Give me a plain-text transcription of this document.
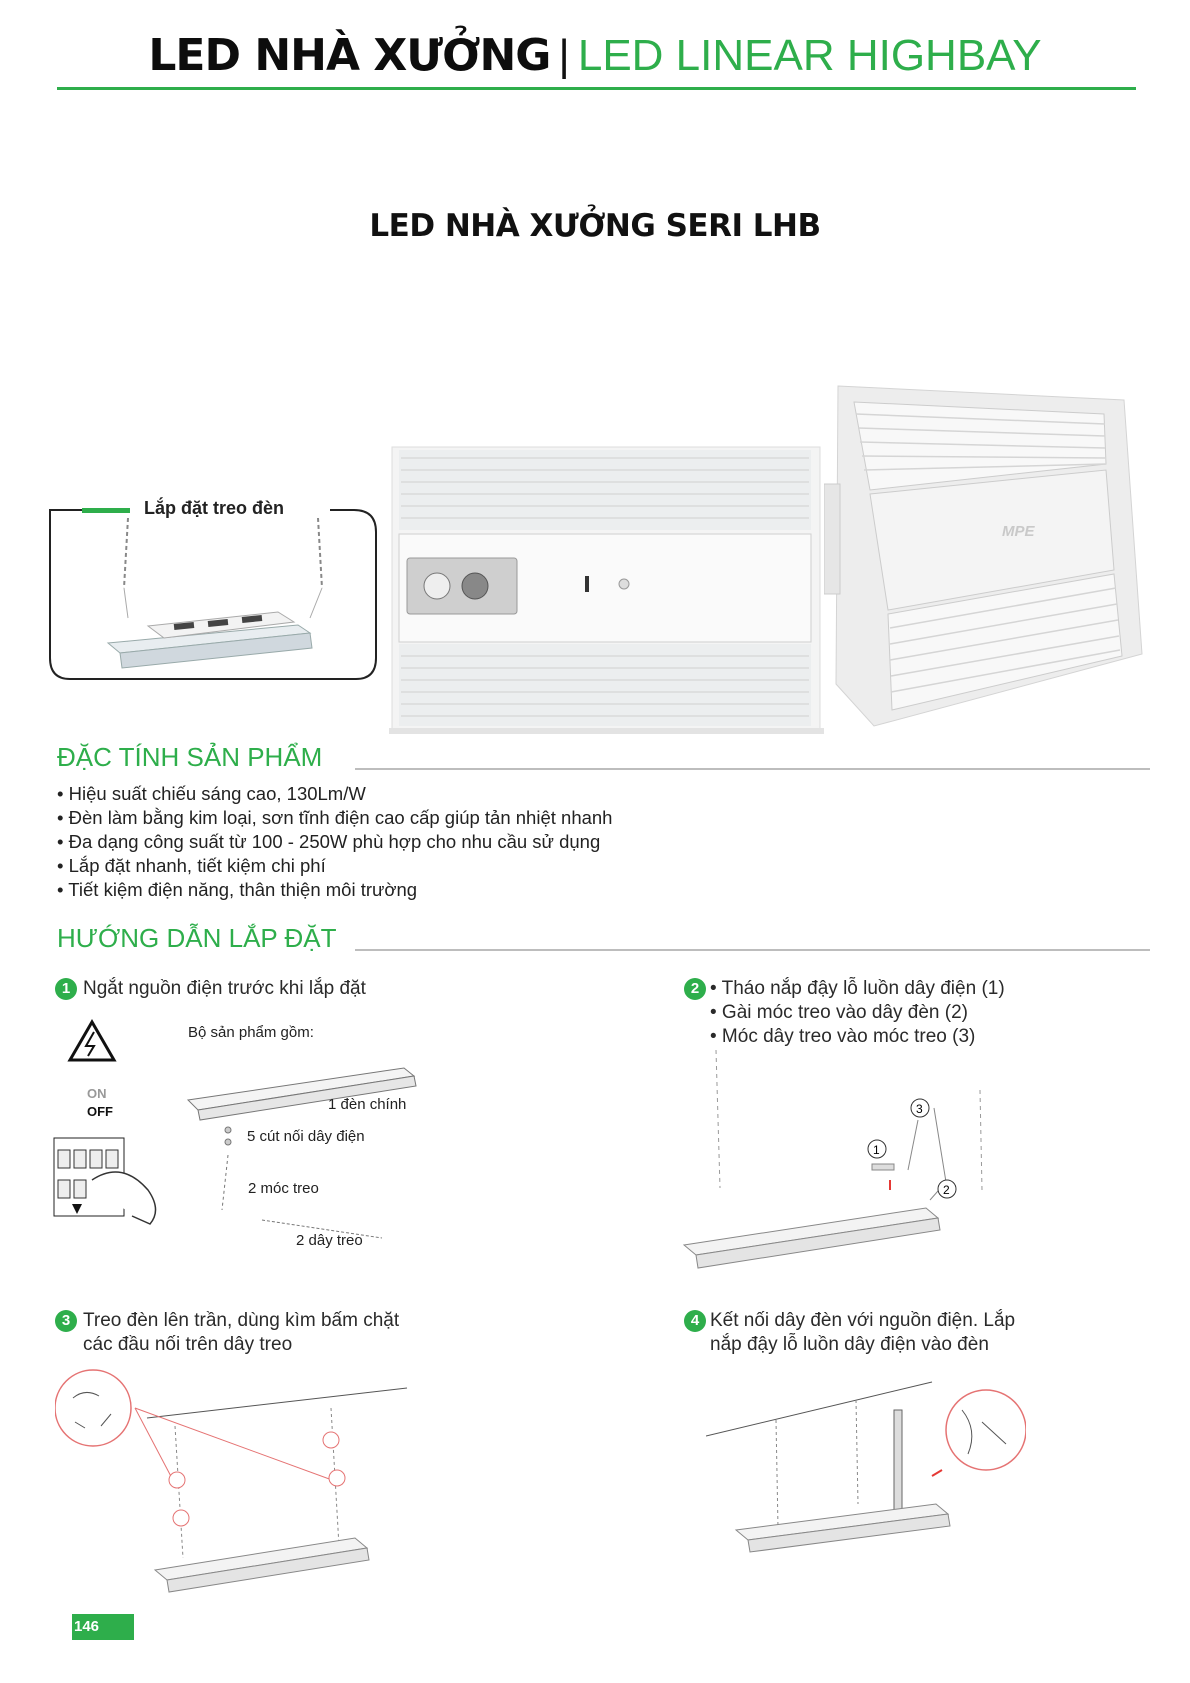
LED NHÀ XƯỞNG | LED LINEAR HIGHBAY
LED NHÀ XƯỞNG SERI LHB
Lắp đặt treo đèn
MPE
ĐẶC TÍNH SẢN PHẨM
• Hiệu suất chiếu sáng cao, 130Lm/W
• Đèn làm bằng kim loại, sơn tĩnh điện cao cấp giúp tản nhiệt nhanh
• Đa dạng công suất từ 100 - 250W phù hợp cho nhu cầu sử dụng
• Lắp đặt nhanh, tiết kiệm chi phí
• Tiết kiệm điện năng, thân thiện môi trường
HƯỚNG DẪN LẮP ĐẶT
1 Ngắt nguồn điện trước khi lắp đặt
ON
OFF
Bộ sản phẩm gồm:
1 đèn chính
5 cút nối dây điện
2 móc treo
2 dây treo
2 • Tháo nắp đậy lỗ luồn dây điện (1)
• Gài móc treo vào dây đèn (2)
• Móc dây treo vào móc treo (3)
1
2
3
3 Treo đèn lên trần, dùng kìm bấm chặt
các đầu nối trên dây treo
4 Kết nối dây đèn với nguồn điện. Lắp
nắp đậy lỗ luồn dây điện vào đèn
146
